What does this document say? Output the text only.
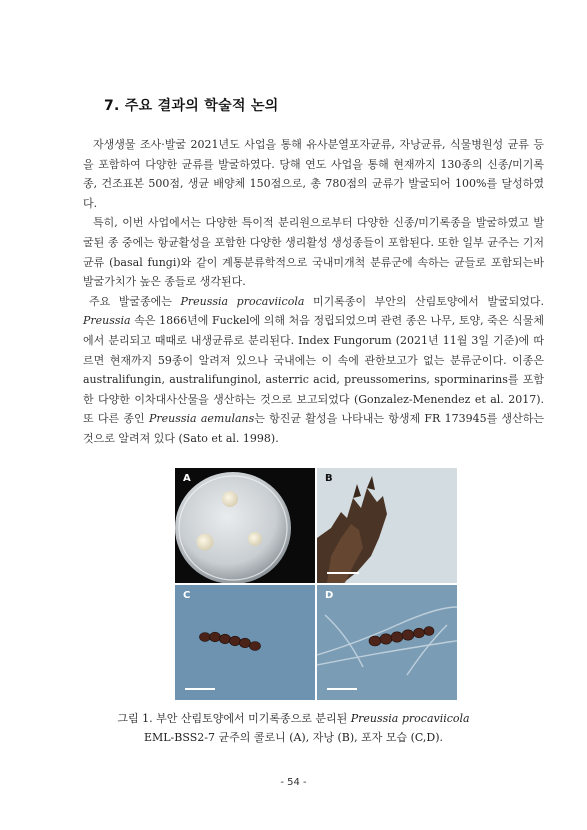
7. 주요 결과의 학술적 논의

자생생물 조사·발굴 2021년도 사업을 통해 유사분열포자균류, 자낭균류, 식물병원성 균류 등을 포함하여 다양한 균류를 발굴하였다. 당해 연도 사업을 통해 현재까지 130종의 신종/미기록종, 건조표본 500점, 생균 배양체 150점으로, 총 780점의 균류가 발굴되어 100%를 달성하였다.

특히, 이번 사업에서는 다양한 특이적 분리원으로부터 다양한 신종/미기록종을 발굴하였고 발굴된 종 중에는 항균활성을 포함한 다양한 생리활성 생성종들이 포함된다. 또한 일부 균주는 기저균류 (basal fungi)와 같이 계통분류학적으로 국내미개척 분류군에 속하는 균들로 포함되는바 발굴가치가 높은 종들로 생각된다.

주요 발굴종에는 Preussia procaviicola 미기록종이 부안의 산림토양에서 발굴되었다. Preussia 속은 1866년에 Fuckel에 의해 처음 정립되었으며 관련 종은 나무, 토양, 죽은 식물체에서 분리되고 때때로 내생균류로 분리된다. Index Fungorum (2021년 11월 3일 기준)에 따르면 현재까지 59종이 알려져 있으나 국내에는 이 속에 관한보고가 없는 분류군이다. 이종은 australifungin, australifunginol, asterric acid, preussomerins, sporminarins를 포함한 다양한 이차대사산물을 생산하는 것으로 보고되었다 (Gonzalez-Menendez et al. 2017). 또 다른 종인 Preussia aemulans는 항진균 활성을 나타내는 항생제 FR 173945를 생산하는 것으로 알려져 있다 (Sato et al. 1998).

A	B
C	D
그림 1. 부안 산림토양에서 미기록종으로 분리된 Preussia procaviicola
EML-BSS2-7 균주의 콜로니 (A), 자낭 (B), 포자 모습 (C,D).
- 54 -
